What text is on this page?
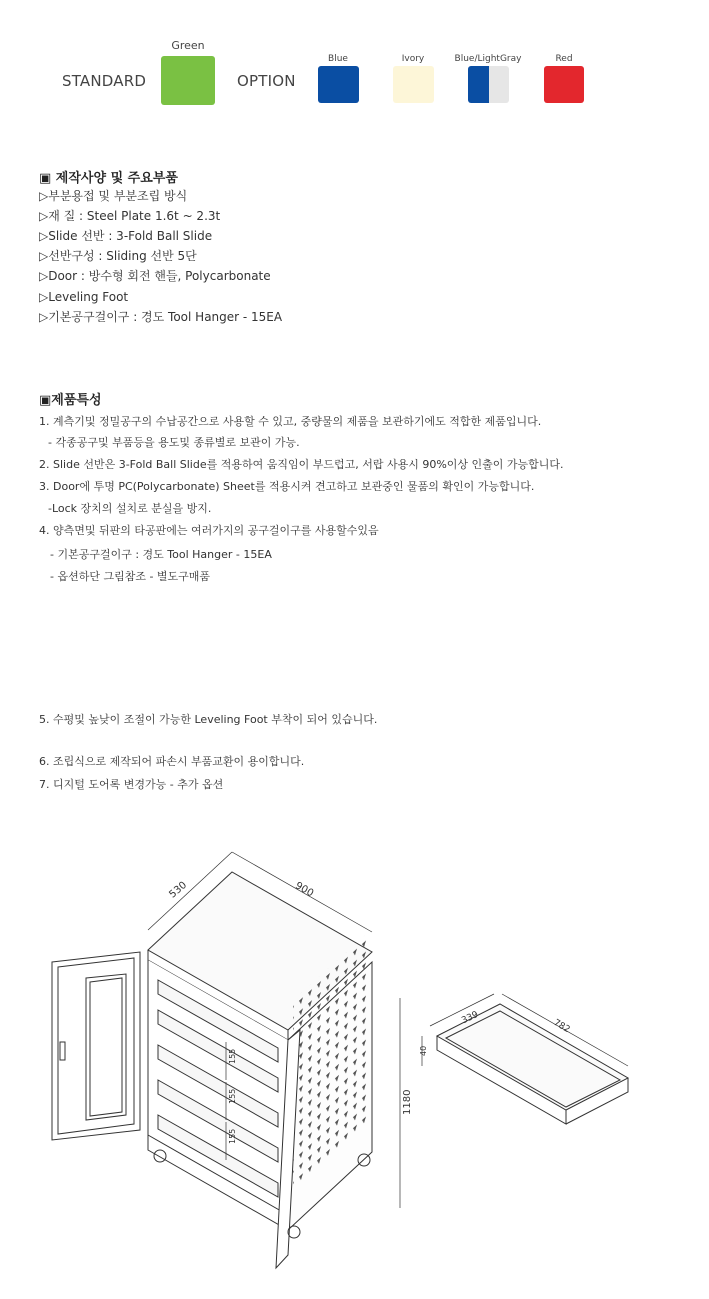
STANDARD
Green
OPTION
Blue	Ivory	Blue/LightGray	Red
▣ 제작사양 및 주요부품
▷부분용접 및 부분조립 방식
▷재 질 : Steel Plate 1.6t ~ 2.3t
▷Slide 선반 : 3-Fold Ball Slide
▷선반구성 : Sliding 선반 5단
▷Door : 방수형 회전 핸들, Polycarbonate
▷Leveling Foot
▷기본공구걸이구 : 경도 Tool Hanger - 15EA
▣제품특성
1. 계측기및 정밀공구의 수납공간으로 사용할 수 있고, 중량물의 제품을 보관하기에도 적합한 제품입니다.
- 각종공구및 부품등을 용도및 종류별로 보관이 가능.
2. Slide 선반은 3-Fold Ball Slide를 적용하여 움직임이 부드럽고, 서랍 사용시 90%이상 인출이 가능합니다.
3. Door에 투명 PC(Polycarbonate) Sheet를 적용시켜 견고하고 보관중인 물품의 확인이 가능합니다.
-Lock 장치의 설치로 분실을 방지.
4. 양측면및 뒤판의 타공판에는 여러가지의 공구걸이구를 사용할수있음
- 기본공구걸이구 : 경도 Tool Hanger - 15EA
- 옵션하단 그림참조 - 별도구매품
5. 수평및 높낮이 조절이 가능한 Leveling Foot 부착이 되어 있습니다.
6. 조립식으로 제작되어 파손시 부품교환이 용이합니다.
7. 디지털 도어록 변경가능 - 추가 옵션
530	900
1180
155
155
155
339	782
40
